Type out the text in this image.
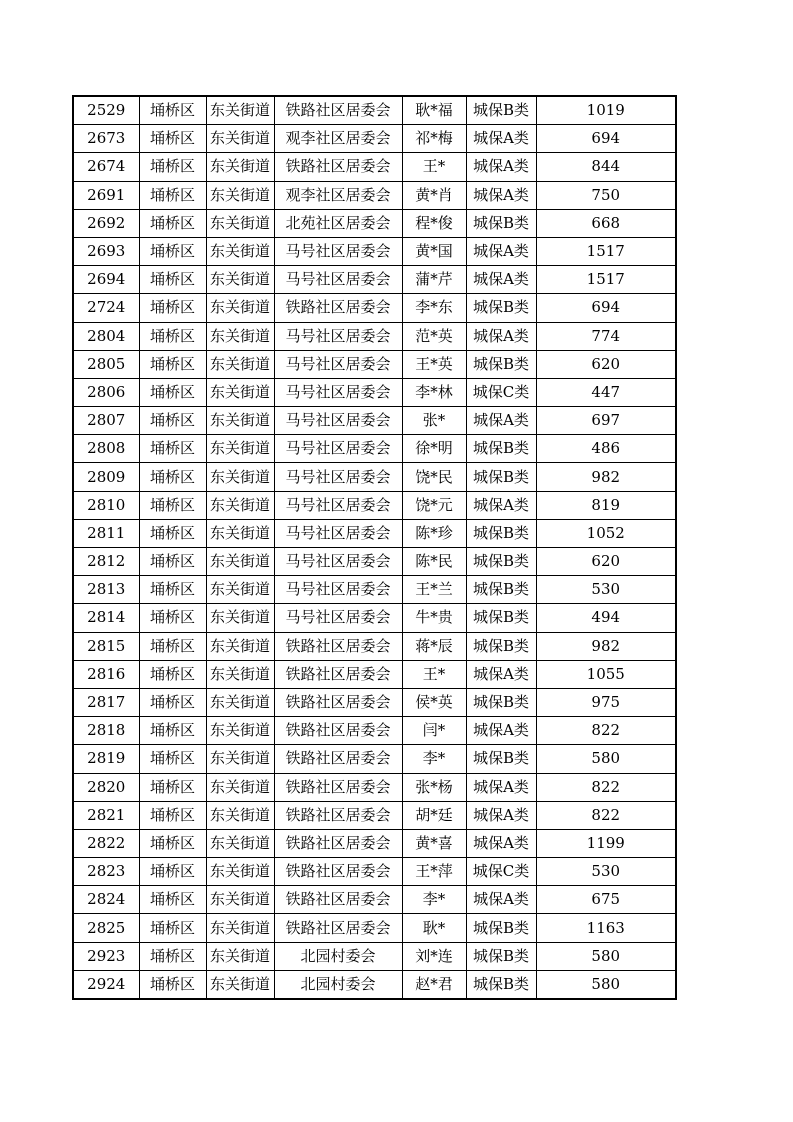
2529	埇桥区	东关街道	铁路社区居委会	耿*福	城保B类	1019
2673	埇桥区	东关街道	观李社区居委会	祁*梅	城保A类	694
2674	埇桥区	东关街道	铁路社区居委会	王*	城保A类	844
2691	埇桥区	东关街道	观李社区居委会	黄*肖	城保A类	750
2692	埇桥区	东关街道	北苑社区居委会	程*俊	城保B类	668
2693	埇桥区	东关街道	马号社区居委会	黄*国	城保A类	1517
2694	埇桥区	东关街道	马号社区居委会	蒲*芹	城保A类	1517
2724	埇桥区	东关街道	铁路社区居委会	李*东	城保B类	694
2804	埇桥区	东关街道	马号社区居委会	范*英	城保A类	774
2805	埇桥区	东关街道	马号社区居委会	王*英	城保B类	620
2806	埇桥区	东关街道	马号社区居委会	李*林	城保C类	447
2807	埇桥区	东关街道	马号社区居委会	张*	城保A类	697
2808	埇桥区	东关街道	马号社区居委会	徐*明	城保B类	486
2809	埇桥区	东关街道	马号社区居委会	饶*民	城保B类	982
2810	埇桥区	东关街道	马号社区居委会	饶*元	城保A类	819
2811	埇桥区	东关街道	马号社区居委会	陈*珍	城保B类	1052
2812	埇桥区	东关街道	马号社区居委会	陈*民	城保B类	620
2813	埇桥区	东关街道	马号社区居委会	王*兰	城保B类	530
2814	埇桥区	东关街道	马号社区居委会	牛*贵	城保B类	494
2815	埇桥区	东关街道	铁路社区居委会	蒋*辰	城保B类	982
2816	埇桥区	东关街道	铁路社区居委会	王*	城保A类	1055
2817	埇桥区	东关街道	铁路社区居委会	侯*英	城保B类	975
2818	埇桥区	东关街道	铁路社区居委会	闫*	城保A类	822
2819	埇桥区	东关街道	铁路社区居委会	李*	城保B类	580
2820	埇桥区	东关街道	铁路社区居委会	张*杨	城保A类	822
2821	埇桥区	东关街道	铁路社区居委会	胡*廷	城保A类	822
2822	埇桥区	东关街道	铁路社区居委会	黄*喜	城保A类	1199
2823	埇桥区	东关街道	铁路社区居委会	王*萍	城保C类	530
2824	埇桥区	东关街道	铁路社区居委会	李*	城保A类	675
2825	埇桥区	东关街道	铁路社区居委会	耿*	城保B类	1163
2923	埇桥区	东关街道	北园村委会	刘*连	城保B类	580
2924	埇桥区	东关街道	北园村委会	赵*君	城保B类	580
